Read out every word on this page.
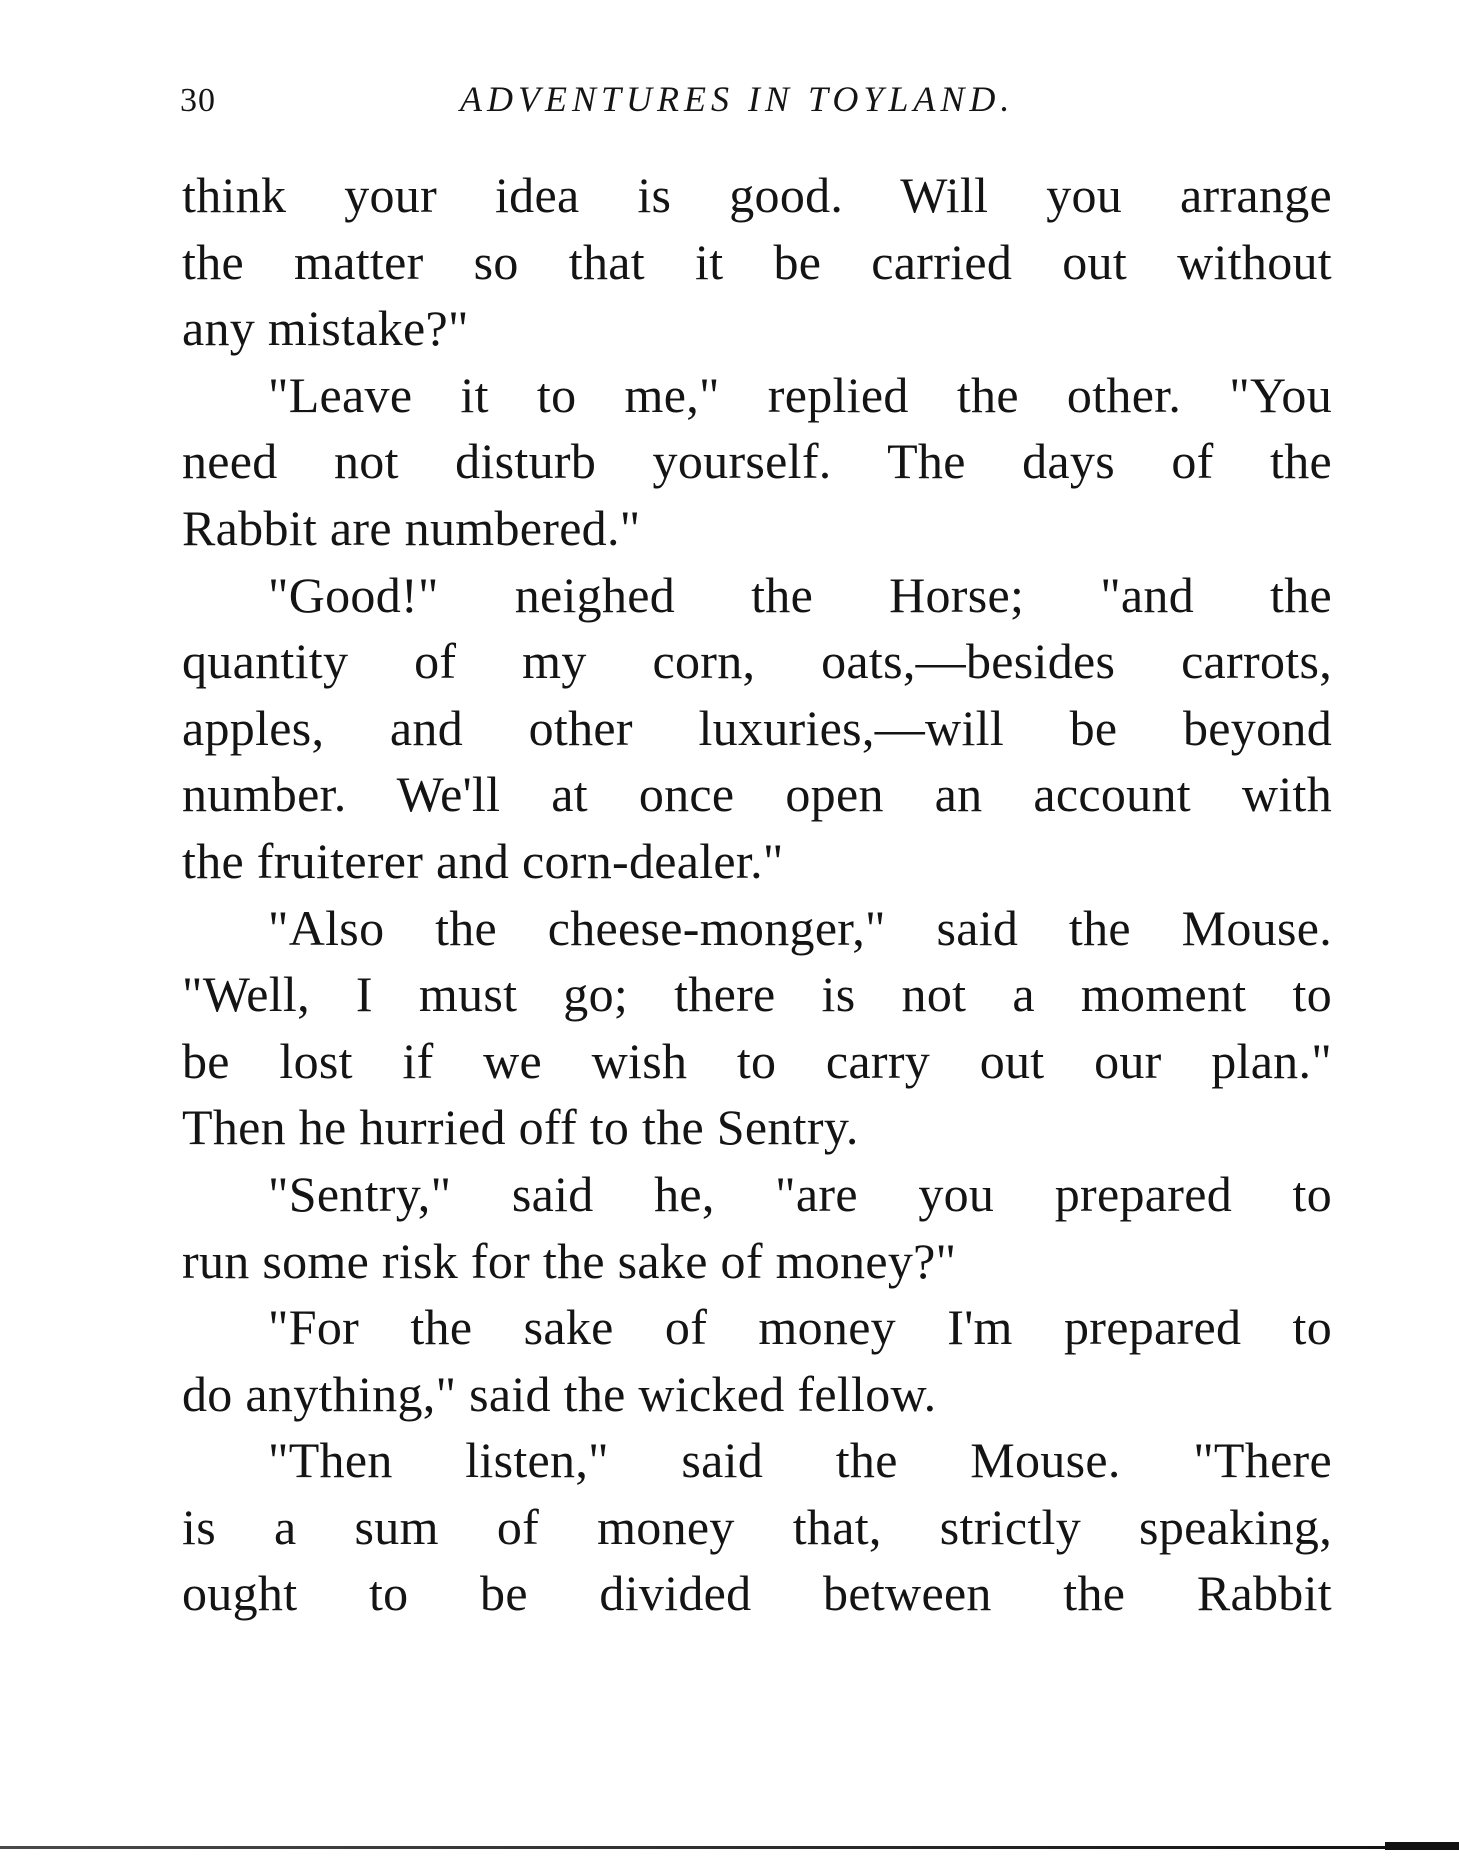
30	ADVENTURES IN TOYLAND.
think your idea is good. Will you arrange
the matter so that it be carried out without
any mistake?"
"Leave it to me," replied the other. "You
need not disturb yourself. The days of the
Rabbit are numbered."
"Good!" neighed the Horse; "and the
quantity of my corn, oats,—besides carrots,
apples, and other luxuries,—will be beyond
number. We'll at once open an account with
the fruiterer and corn-dealer."
"Also the cheese-monger," said the Mouse.
"Well, I must go; there is not a moment to
be lost if we wish to carry out our plan."
Then he hurried off to the Sentry.
"Sentry," said he, "are you prepared to
run some risk for the sake of money?"
"For the sake of money I'm prepared to
do anything," said the wicked fellow.
"Then listen," said the Mouse. "There
is a sum of money that, strictly speaking,
ought to be divided between the Rabbit
